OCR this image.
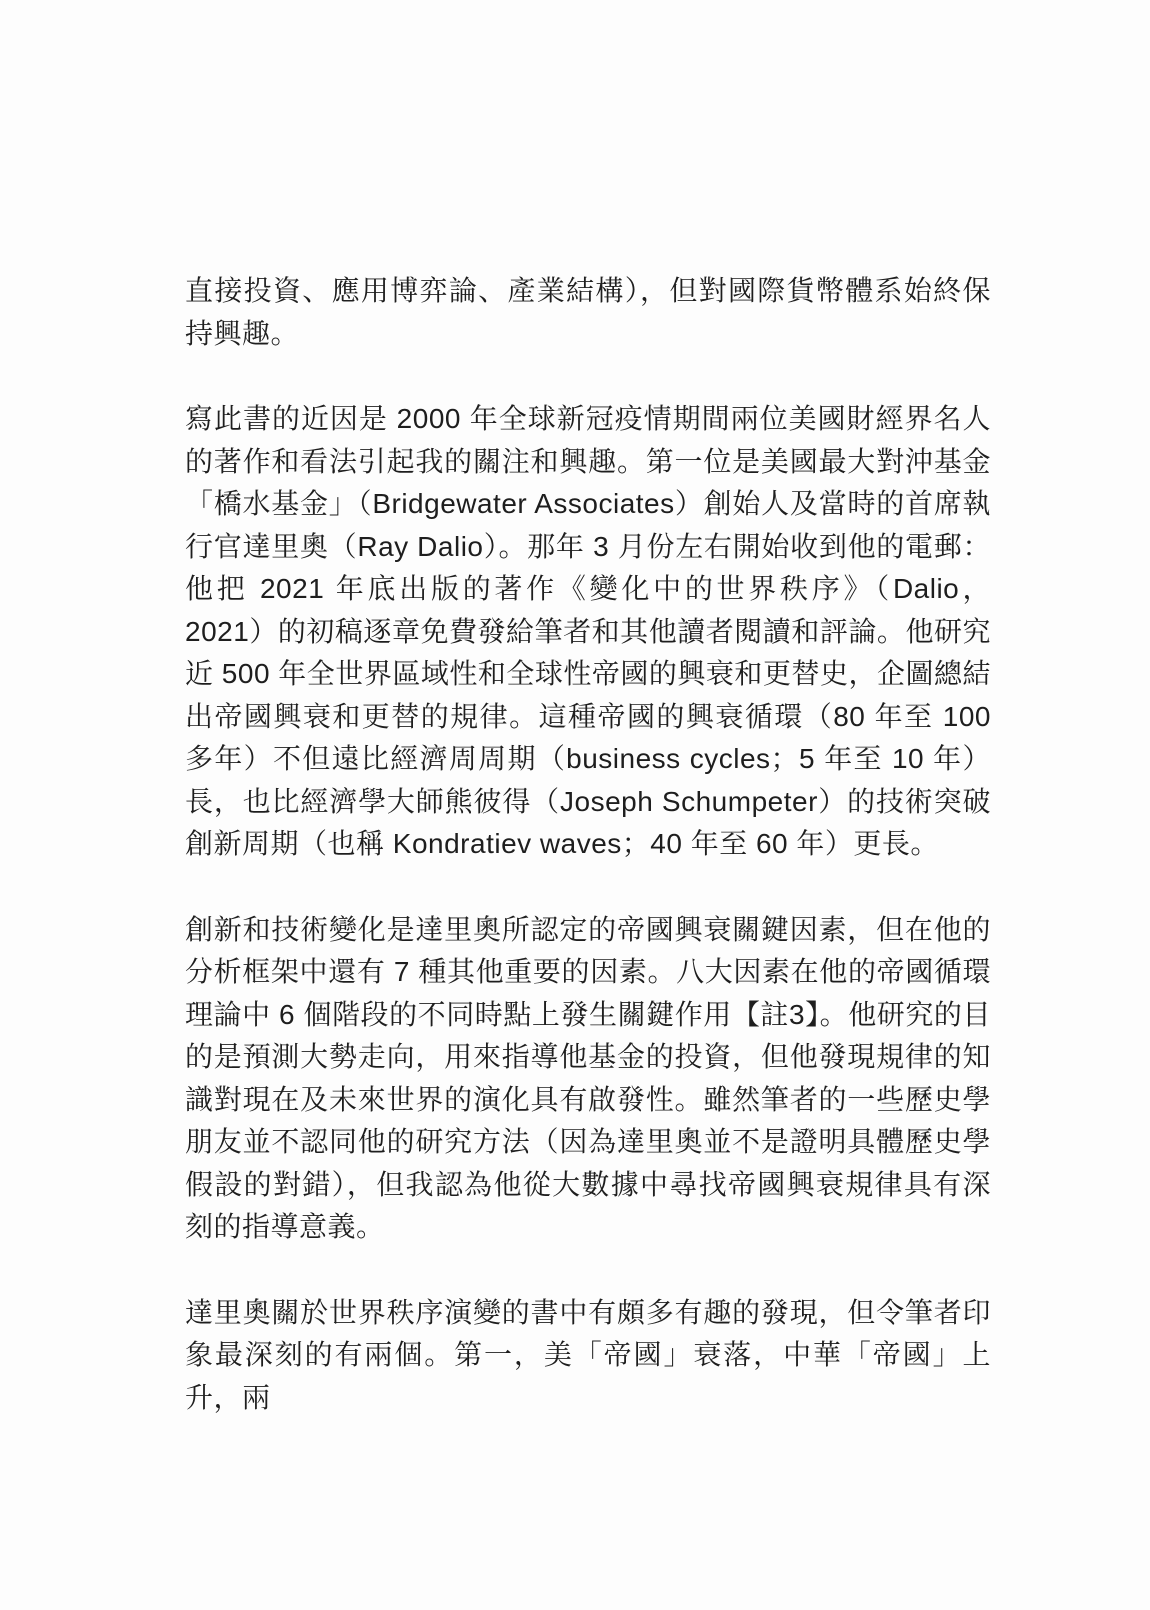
直接投資、應用博弈論、產業結構），但對國際貨幣體系始終保持興趣。

寫此書的近因是 2000 年全球新冠疫情期間兩位美國財經界名人的著作和看法引起我的關注和興趣。第一位是美國最大對沖基金「橋水基金」（Bridgewater Associates）創始人及當時的首席執行官達里奧（Ray Dalio）。那年 3 月份左右開始收到他的電郵：他把 2021 年底出版的著作《變化中的世界秩序》（Dalio，2021）的初稿逐章免費發給筆者和其他讀者閱讀和評論。他研究近 500 年全世界區域性和全球性帝國的興衰和更替史，企圖總結出帝國興衰和更替的規律。這種帝國的興衰循環（80 年至 100 多年）不但遠比經濟周周期（business cycles；5 年至 10 年）長，也比經濟學大師熊彼得（Joseph Schumpeter）的技術突破創新周期（也稱 Kondratiev waves；40 年至 60 年）更長。

創新和技術變化是達里奧所認定的帝國興衰關鍵因素，但在他的分析框架中還有 7 種其他重要的因素。八大因素在他的帝國循環理論中 6 個階段的不同時點上發生關鍵作用【註3】。他研究的目的是預測大勢走向，用來指導他基金的投資，但他發現規律的知識對現在及未來世界的演化具有啟發性。雖然筆者的一些歷史學朋友並不認同他的研究方法（因為達里奧並不是證明具體歷史學假設的對錯），但我認為他從大數據中尋找帝國興衰規律具有深刻的指導意義。

達里奧關於世界秩序演變的書中有頗多有趣的發現，但令筆者印象最深刻的有兩個。第一，美「帝國」衰落，中華「帝國」上升，兩
